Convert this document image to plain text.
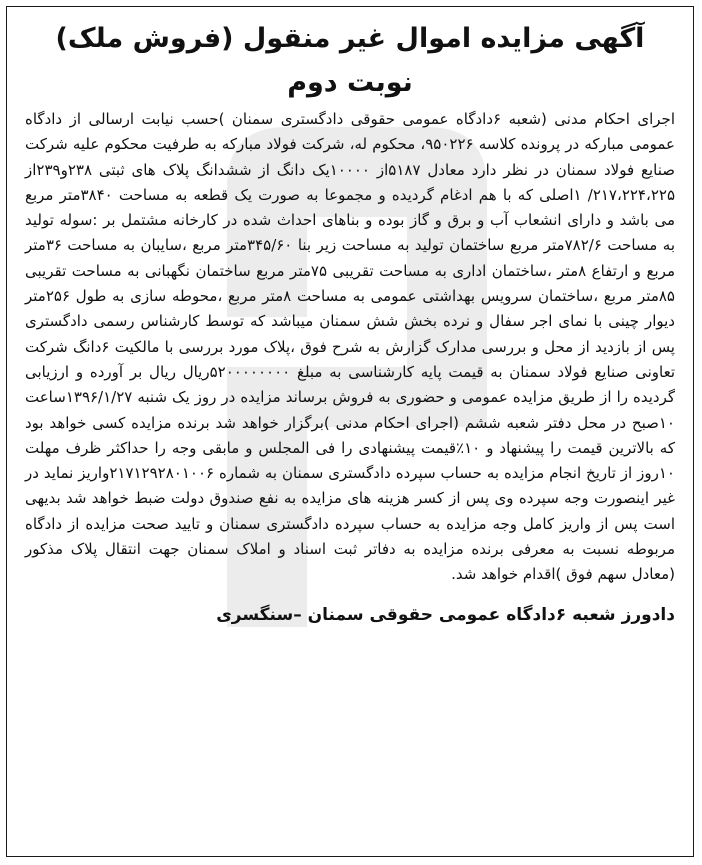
آگهی مزایده اموال غیر منقول (فروش ملک) نوبت دوم

اجرای احکام مدنی (شعبه ۶دادگاه عمومی حقوقی دادگستری سمنان )حسب نیابت ارسالی از دادگاه عمومی مبارکه در پرونده کلاسه ۹۵۰۲۲۶، محکوم له، شرکت فولاد مبارکه به طرفیت محکوم علیه شرکت صنایع فولاد سمنان در نظر دارد معادل ۵۱۸۷از ۱۰۰۰۰یک دانگ از ششدانگ پلاک های ثبتی ۲۳۸و۲۳۹از ۲۱۷،۲۲۴،۲۲۵/ ۱اصلی که با هم ادغام گردیده و مجموعا به صورت یک قطعه به مساحت ۳۸۴۰متر مربع می باشد و دارای انشعاب آب و برق و گاز بوده و بناهای احداث شده در کارخانه مشتمل بر :سوله تولید به مساحت ۷۸۲/۶متر مربع ساختمان تولید به مساحت زیر بنا ۳۴۵/۶۰متر مربع ،سایبان به مساحت ۳۶متر مربع و ارتفاع ۸متر ،ساختمان اداری به مساحت تقریبی ۷۵متر مربع ساختمان نگهبانی به مساحت تقریبی ۸۵متر مربع ،ساختمان سرویس بهداشتی عمومی به مساحت ۸متر مربع ،محوطه سازی به طول ۲۵۶متر دیوار چینی با نمای اجر سفال و نرده بخش شش سمنان میباشد که توسط کارشناس رسمی دادگستری پس از بازدید از محل و بررسی مدارک گزارش به شرح فوق ،پلاک مورد بررسی با مالکیت ۶دانگ شرکت تعاونی صنایع فولاد سمنان به قیمت پایه کارشناسی به مبلغ ۵۲۰۰۰۰۰۰۰۰ریال ریال بر آورده و ارزیابی گردیده را از طریق مزایده عمومی و حضوری به فروش برساند مزایده در روز یک شنبه ۱۳۹۶/۱/۲۷ساعت ۱۰صبح در محل دفتر شعبه ششم (اجرای احکام مدنی )برگزار خواهد شد برنده مزایده کسی خواهد بود که بالاترین قیمت را پیشنهاد و ۱۰٪قیمت پیشنهادی را فی المجلس و مابقی وجه را حداکثر ظرف مهلت ۱۰روز از تاریخ انجام مزایده به حساب سپرده دادگستری سمنان به شماره ۲۱۷۱۲۹۲۸۰۱۰۰۶واریز نماید در غیر اینصورت وجه سپرده وی پس از کسر هزینه های مزایده به نفع صندوق دولت ضبط خواهد شد بدیهی است پس از واریز کامل وجه مزایده به حساب سپرده دادگستری سمنان و تایید صحت مزایده از دادگاه مربوطه نسبت به معرفی برنده مزایده به دفاتر ثبت اسناد و املاک سمنان جهت انتقال پلاک مذکور (معادل سهم فوق )اقدام خواهد شد.

دادورز شعبه ۶دادگاه عمومی حقوقی سمنان –سنگسری
